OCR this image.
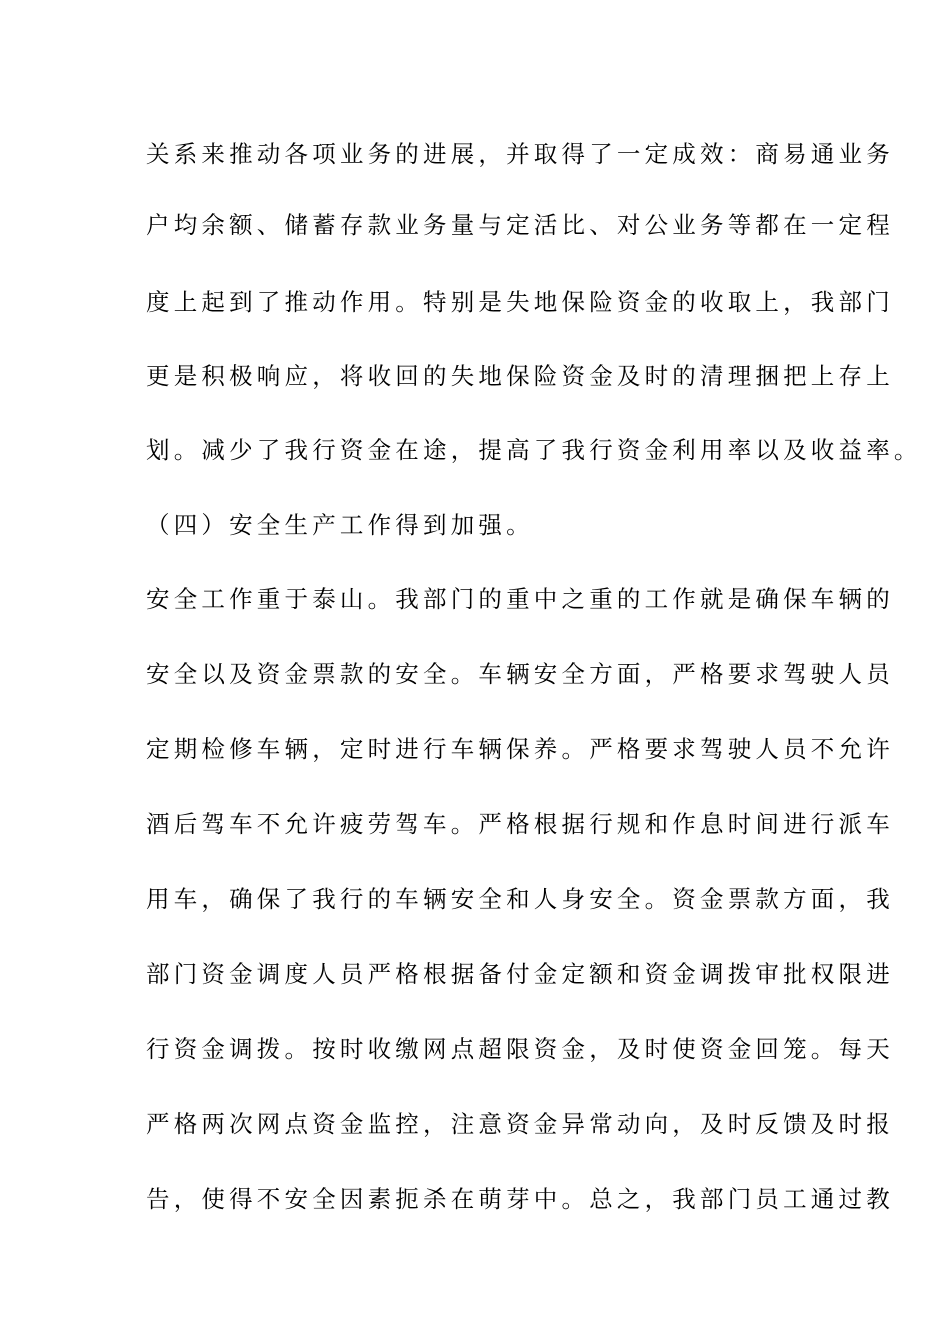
关系来推动各项业务的进展，并取得了一定成效：商易通业务
户均余额、储蓄存款业务量与定活比、对公业务等都在一定程
度上起到了推动作用。特别是失地保险资金的收取上，我部门
更是积极响应，将收回的失地保险资金及时的清理捆把上存上
划。减少了我行资金在途，提高了我行资金利用率以及收益率。
（四）安全生产工作得到加强。
安全工作重于泰山。我部门的重中之重的工作就是确保车辆的
安全以及资金票款的安全。车辆安全方面，严格要求驾驶人员
定期检修车辆，定时进行车辆保养。严格要求驾驶人员不允许
酒后驾车不允许疲劳驾车。严格根据行规和作息时间进行派车
用车，确保了我行的车辆安全和人身安全。资金票款方面，我
部门资金调度人员严格根据备付金定额和资金调拨审批权限进
行资金调拨。按时收缴网点超限资金，及时使资金回笼。每天
严格两次网点资金监控，注意资金异常动向，及时反馈及时报
告，使得不安全因素扼杀在萌芽中。总之，我部门员工通过教
